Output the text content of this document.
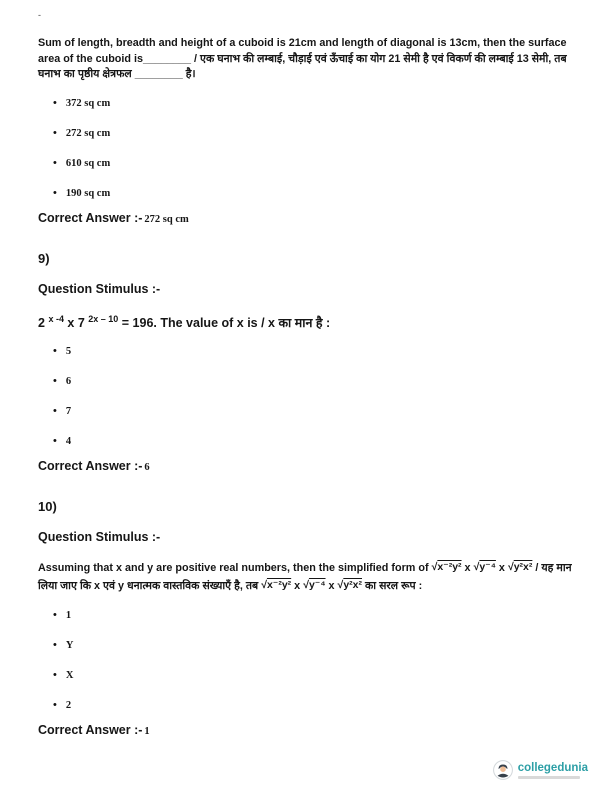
-

Sum of length, breadth and height of a cuboid is 21cm and length of diagonal is 13cm, then the surface area of the cuboid is________ / एक घनाभ की लम्बाई, चौड़ाई एवं ऊँचाई का योग 21 सेमी है एवं विकर्ण की लम्बाई 13 सेमी, तब घनाभ का पृष्ठीय क्षेत्रफल ________ है।

• 372 sq cm
• 272 sq cm
• 610 sq cm
• 190 sq cm

Correct Answer :- 272 sq cm

9)

Question Stimulus :-

2 $^{x -4}$ x 7 $^{2x - 10}$ = 196. The value of x is / x का मान है :

• 5
• 6
• 7
• 4

Correct Answer :- 6

10)

Question Stimulus :-

Assuming that x and y are positive real numbers, then the simplified form of √x⁻²y² x √y⁻⁴ x √y²x² / यह मान लिया जाए कि x एवं y धनात्मक वास्तविक संख्याएँ है, तब √x⁻²y² x √y⁻⁴ x √y²x² का सरल रूप :

• 1
• Y
• X
• 2

Correct Answer :- 1

collegedunia
